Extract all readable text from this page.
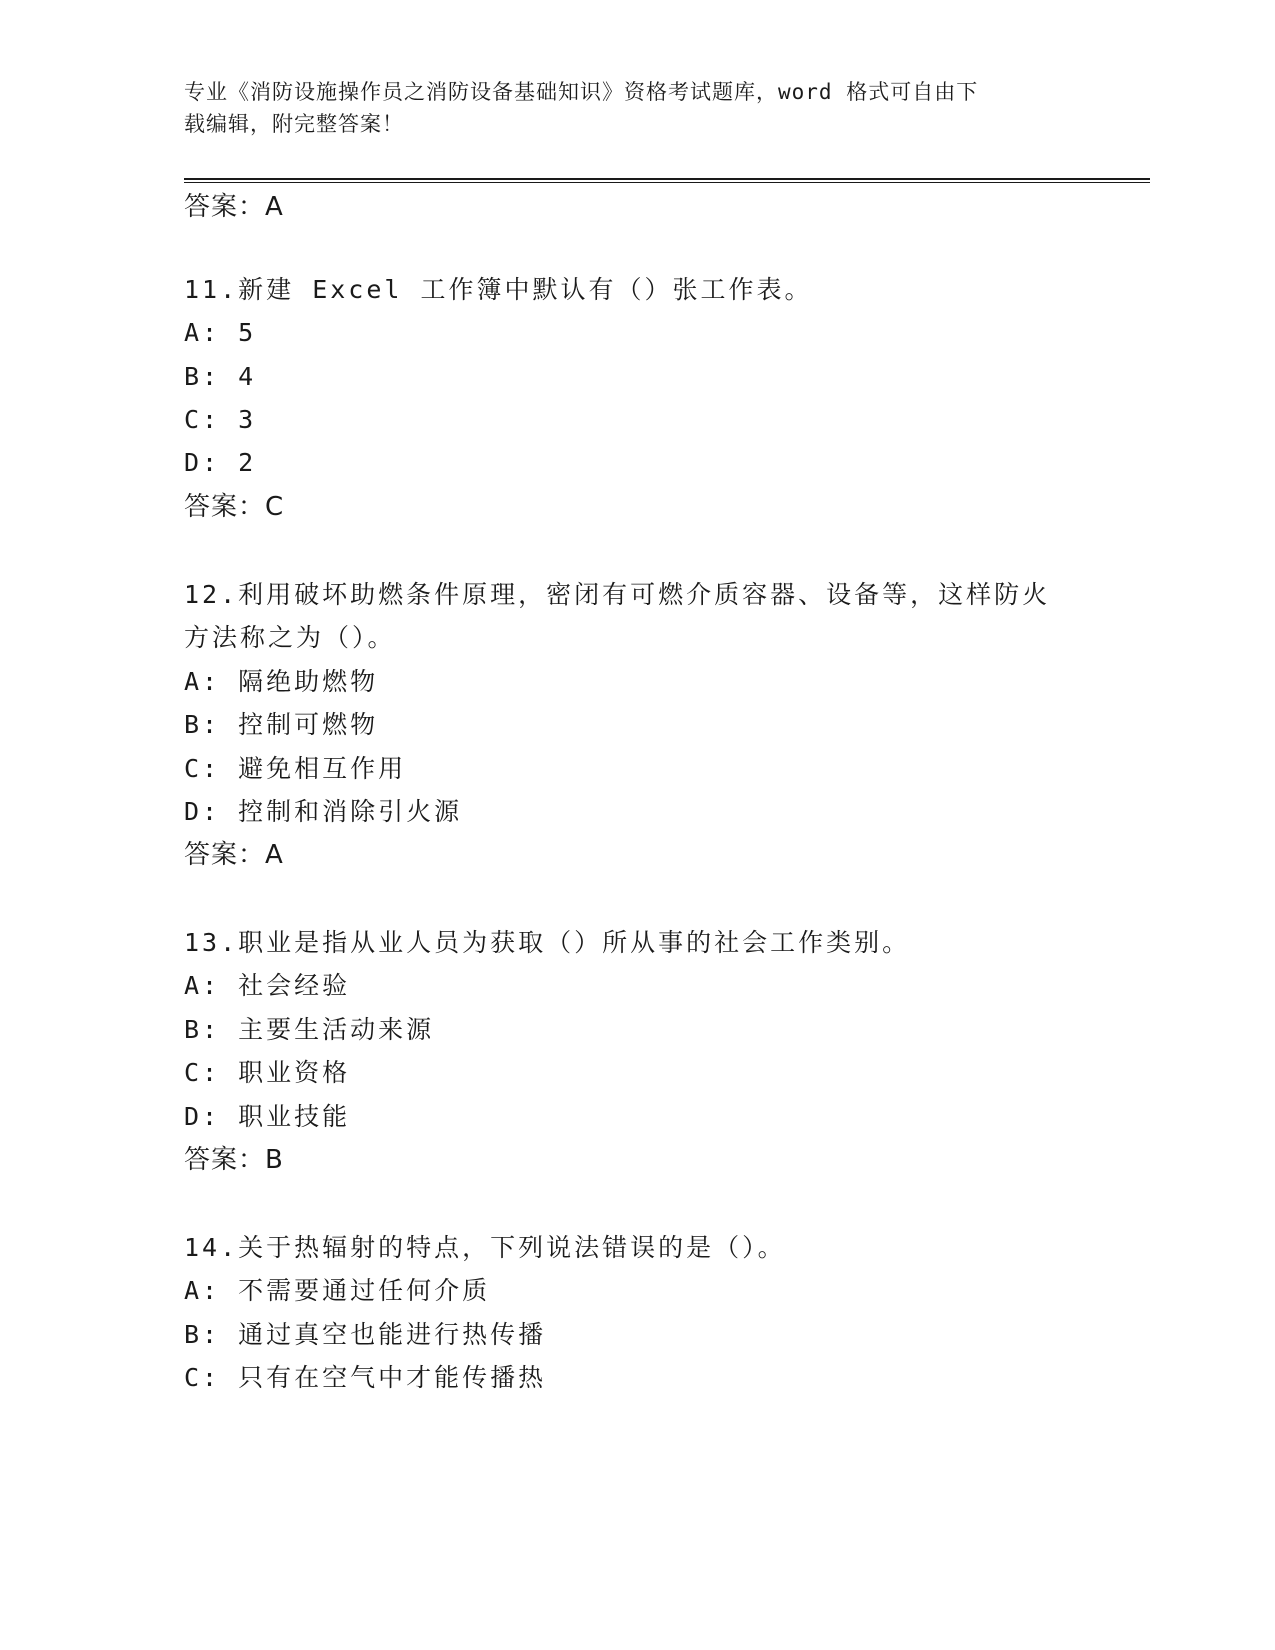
专业《消防设施操作员之消防设备基础知识》资格考试题库，word 格式可自由下
载编辑，附完整答案！
答案：A
11.新建 Excel 工作簿中默认有（）张工作表。
A: 5
B: 4
C: 3
D: 2
答案：C
12.利用破坏助燃条件原理，密闭有可燃介质容器、设备等，这样防火
方法称之为（）。
A: 隔绝助燃物
B: 控制可燃物
C: 避免相互作用
D: 控制和消除引火源
答案：A
13.职业是指从业人员为获取（）所从事的社会工作类别。
A: 社会经验
B: 主要生活动来源
C: 职业资格
D: 职业技能
答案：B
14.关于热辐射的特点，下列说法错误的是（）。
A: 不需要通过任何介质
B: 通过真空也能进行热传播
C: 只有在空气中才能传播热
